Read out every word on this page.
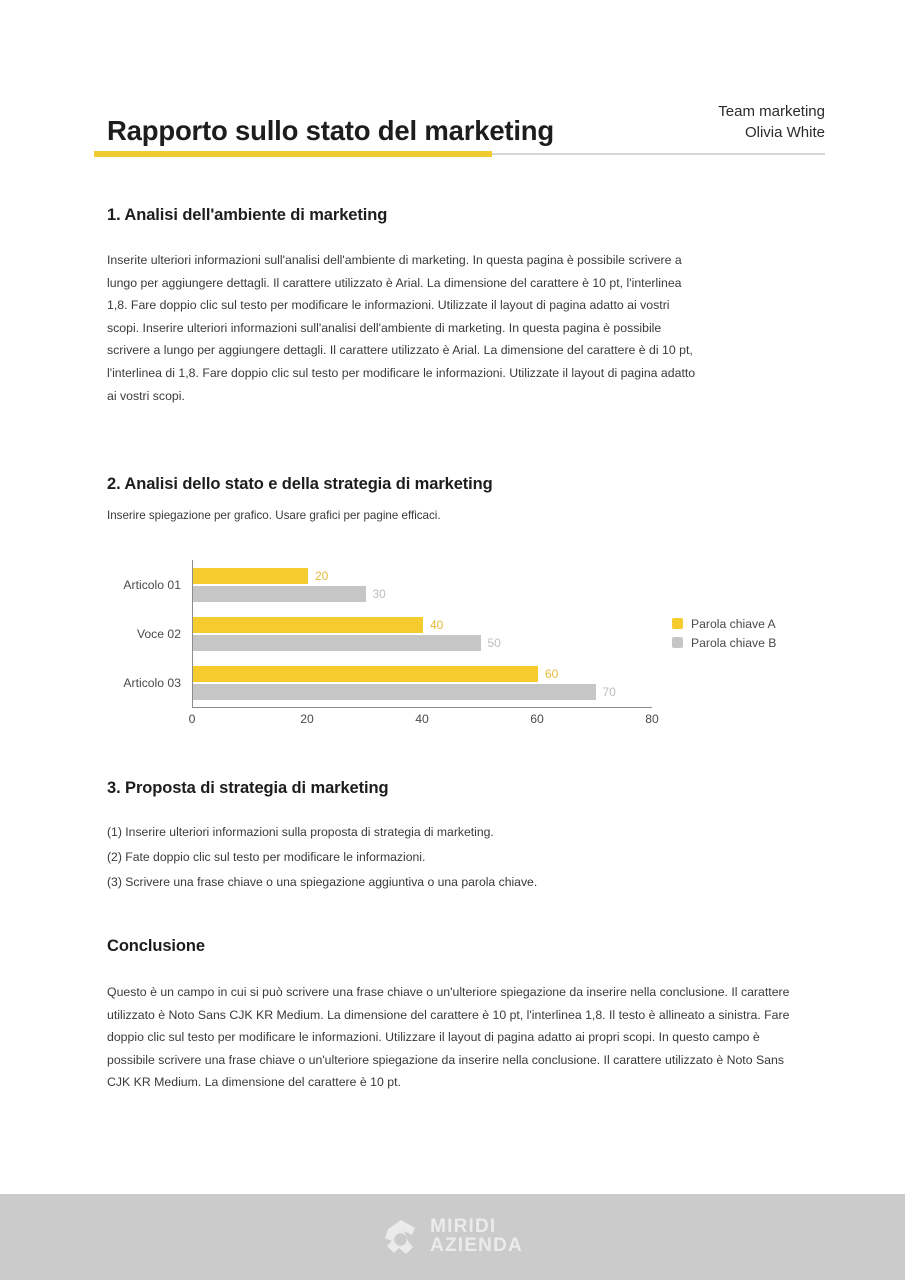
Rapporto sullo stato del marketing
Team marketing
Olivia White
1. Analisi dell'ambiente di marketing
Inserite ulteriori informazioni sull'analisi dell'ambiente di marketing. In questa pagina è possibile scrivere a lungo per aggiungere dettagli. Il carattere utilizzato è Arial. La dimensione del carattere è 10 pt, l'interlinea 1,8. Fare doppio clic sul testo per modificare le informazioni. Utilizzate il layout di pagina adatto ai vostri scopi. Inserire ulteriori informazioni sull'analisi dell'ambiente di marketing. In questa pagina è possibile scrivere a lungo per aggiungere dettagli. Il carattere utilizzato è Arial. La dimensione del carattere è di 10 pt, l'interlinea di 1,8. Fare doppio clic sul testo per modificare le informazioni. Utilizzate il layout di pagina adatto ai vostri scopi.
2. Analisi dello stato e della strategia di marketing
Inserire spiegazione per grafico. Usare grafici per pagine efficaci.
Articolo 01
20
30
Voce 02
40
50
Articolo 03
60
70
0	20	40	60	80
Parola chiave A
Parola chiave B
3. Proposta di strategia di marketing
(1) Inserire ulteriori informazioni sulla proposta di strategia di marketing.
(2) Fate doppio clic sul testo per modificare le informazioni.
(3) Scrivere una frase chiave o una spiegazione aggiuntiva o una parola chiave.
Conclusione
Questo è un campo in cui si può scrivere una frase chiave o un'ulteriore spiegazione da inserire nella conclusione. Il carattere utilizzato è Noto Sans CJK KR Medium. La dimensione del carattere è 10 pt, l'interlinea 1,8. Il testo è allineato a sinistra. Fare doppio clic sul testo per modificare le informazioni. Utilizzare il layout di pagina adatto ai propri scopi. In questo campo è possibile scrivere una frase chiave o un'ulteriore spiegazione da inserire nella conclusione. Il carattere utilizzato è Noto Sans CJK KR Medium. La dimensione del carattere è 10 pt.
MIRIDI
AZIENDA
